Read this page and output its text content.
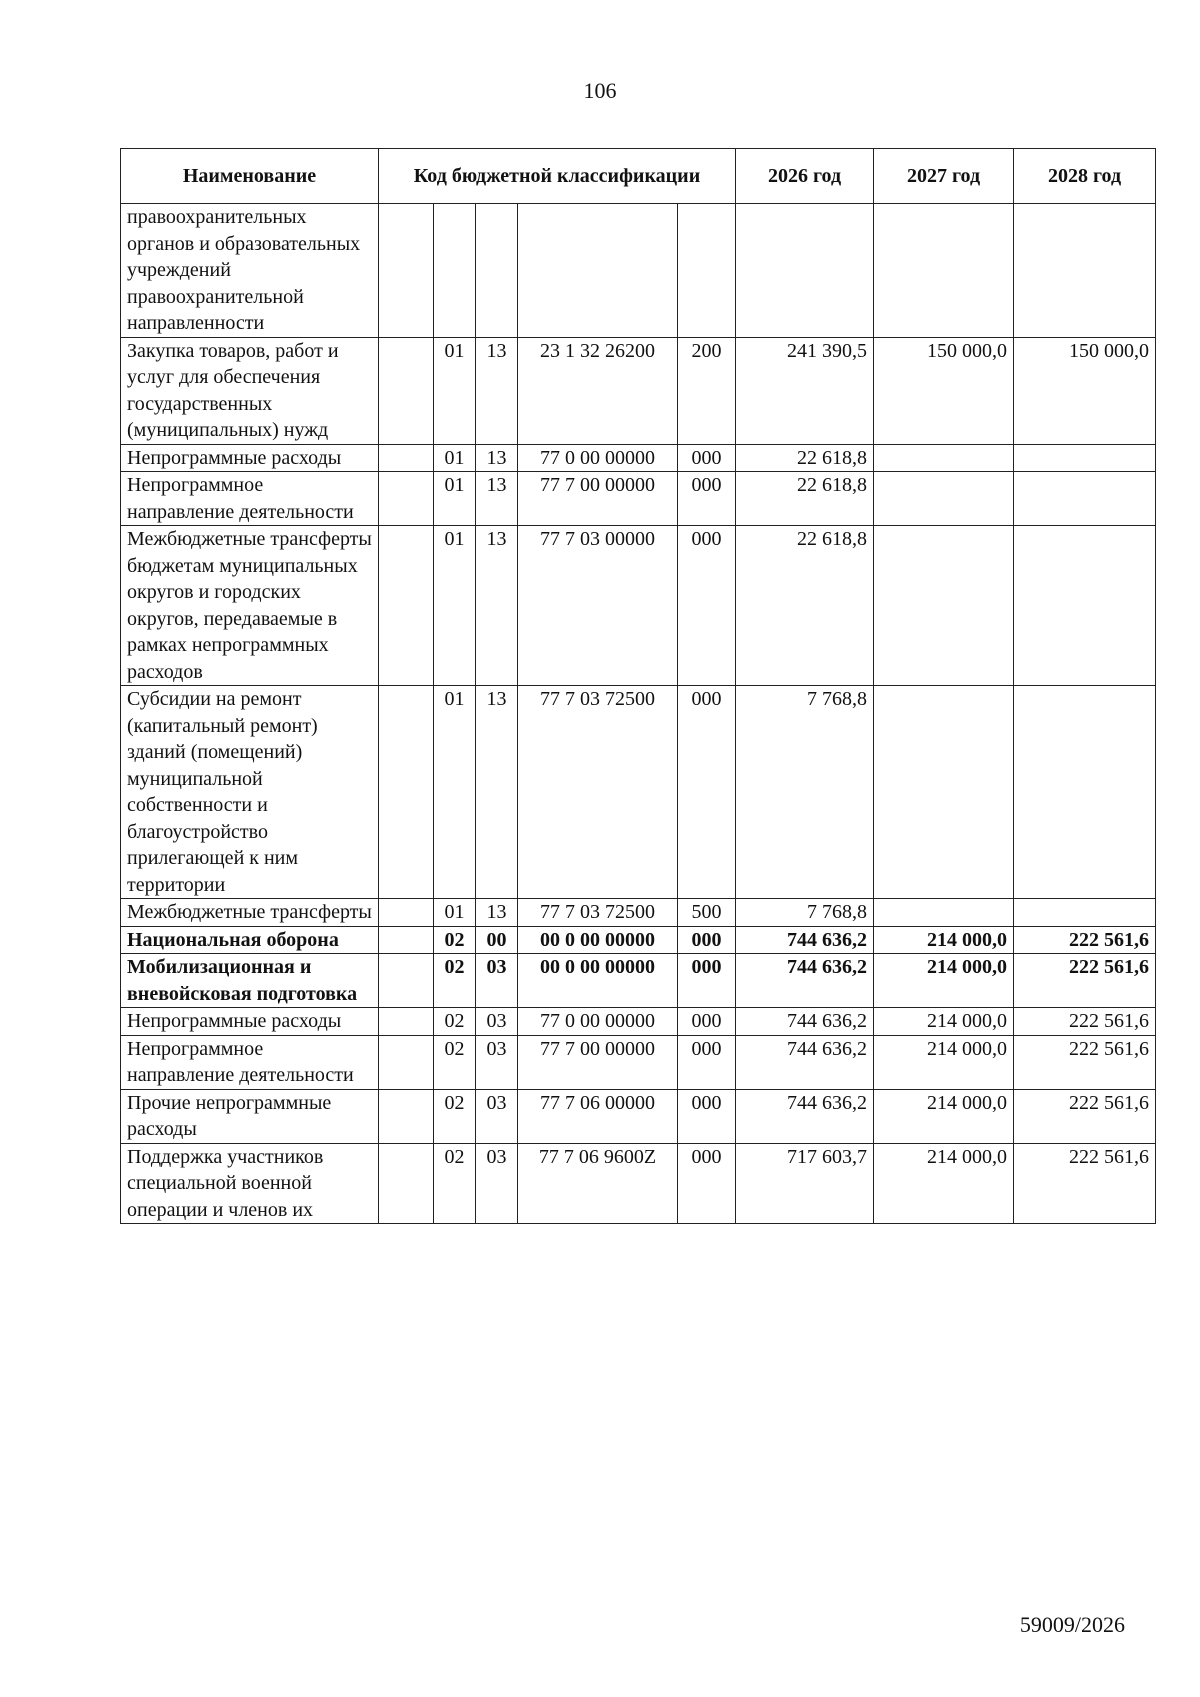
106
Наименование	Код бюджетной классификации					2026 год	2027 год	2028 год
правоохранительных органов и образовательных учреждений правоохранительной направленности								
Закупка товаров, работ и услуг для обеспечения государственных (муниципальных) нужд		01	13	23 1 32 26200	200	241 390,5	150 000,0	150 000,0
Непрограммные расходы		01	13	77 0 00 00000	000	22 618,8		
Непрограммное направление деятельности		01	13	77 7 00 00000	000	22 618,8		
Межбюджетные трансферты бюджетам муниципальных округов и городских округов, передаваемые в рамках непрограммных расходов		01	13	77 7 03 00000	000	22 618,8		
Субсидии на ремонт (капитальный ремонт) зданий (помещений) муниципальной собственности и благоустройство прилегающей к ним территории		01	13	77 7 03 72500	000	7 768,8		
Межбюджетные трансферты		01	13	77 7 03 72500	500	7 768,8		
Национальная оборона		02	00	00 0 00 00000	000	744 636,2	214 000,0	222 561,6
Мобилизационная и вневойсковая подготовка		02	03	00 0 00 00000	000	744 636,2	214 000,0	222 561,6
Непрограммные расходы		02	03	77 0 00 00000	000	744 636,2	214 000,0	222 561,6
Непрограммное направление деятельности		02	03	77 7 00 00000	000	744 636,2	214 000,0	222 561,6
Прочие непрограммные расходы		02	03	77 7 06 00000	000	744 636,2	214 000,0	222 561,6
Поддержка участников специальной военной операции и членов их		02	03	77 7 06 9600Z	000	717 603,7	214 000,0	222 561,6
59009/2026
